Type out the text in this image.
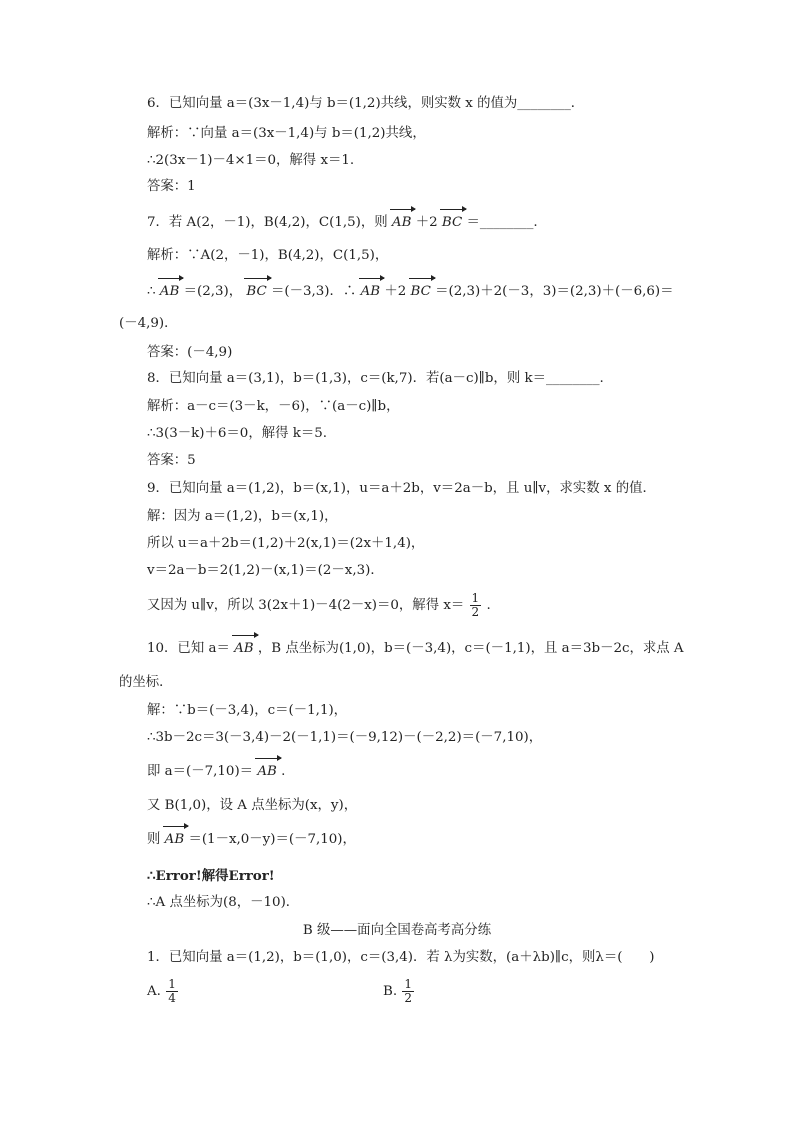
6．已知向量 a＝(3x－1,4)与 b＝(1,2)共线，则实数 x 的值为________．
解析：∵向量 a＝(3x－1,4)与 b＝(1,2)共线，
∴2(3x－1)－4×1＝0，解得 x＝1.
答案：1
7．若 A(2，－1)，B(4,2)，C(1,5)，则 AB ＋2 BC ＝________.
解析：∵A(2，－1)，B(4,2)，C(1,5)，
∴ AB ＝(2,3)， BC ＝(－3,3)．∴ AB ＋2 BC ＝(2,3)＋2(－3，3)＝(2,3)＋(－6,6)＝
(－4,9)．
答案：(－4,9)
8．已知向量 a＝(3,1)，b＝(1,3)，c＝(k,7)．若(a－c)∥b，则 k＝________.
解析：a－c＝(3－k，－6)，∵(a－c)∥b，
∴3(3－k)＋6＝0，解得 k＝5.
答案：5
9．已知向量 a＝(1,2)，b＝(x,1)，u＝a＋2b，v＝2a－b，且 u∥v，求实数 x 的值．
解：因为 a＝(1,2)，b＝(x,1)，
所以 u＝a＋2b＝(1,2)＋2(x,1)＝(2x＋1,4)，
v＝2a－b＝2(1,2)－(x,1)＝(2－x,3)．
又因为 u∥v，所以 3(2x＋1)－4(2－x)＝0，解得 $x= \frac{1}{2}$ .
10．已知 a＝ AB ，B 点坐标为(1,0)，b＝(－3,4)，c＝(－1,1)，且 a＝3b－2c，求点 A
的坐标．
解：∵b＝(－3,4)，c＝(－1,1)，
∴3b－2c＝3(－3,4)－2(－1,1)＝(－9,12)－(－2,2)＝(－7,10)，
即 a＝(－7,10)＝ AB .
又 B(1,0)，设 A 点坐标为(x，y)，
则 AB ＝(1－x,0－y)＝(－7,10)，
∴Error!解得Error!
∴A 点坐标为(8，－10)．
B 级——面向全国卷高考高分练
1．已知向量 a＝(1,2)，b＝(1,0)，c＝(3,4)．若 λ为实数，(a＋λb)∥c，则λ＝(　　)
A. $\frac{1}{4}$	B. $\frac{1}{2}$
